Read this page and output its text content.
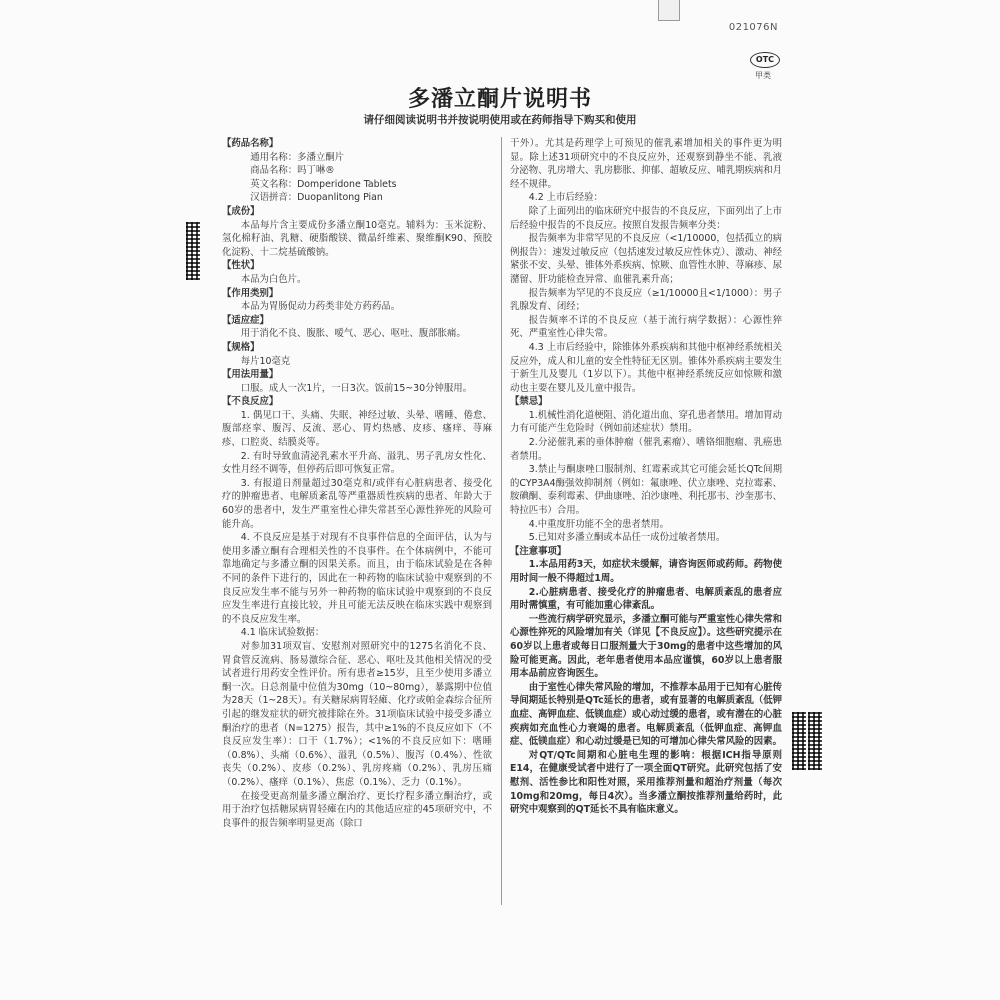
021076N
OTC
甲类
多潘立酮片说明书
请仔细阅读说明书并按说明使用或在药师指导下购买和使用

【药品名称】

通用名称：多潘立酮片

商品名称：吗丁啉®

英文名称：Domperidone Tablets

汉语拼音：Duopanlitong Pian

【成份】

本品每片含主要成份多潘立酮10毫克。辅料为：玉米淀粉、氢化棉籽油、乳糖、硬脂酸镁、微晶纤维素、聚维酮K90、预胶化淀粉、十二烷基硫酸钠。

【性状】

本品为白色片。

【作用类别】

本品为胃肠促动力药类非处方药药品。

【适应症】

用于消化不良、腹胀、嗳气、恶心、呕吐、腹部胀痛。

【规格】

每片10毫克

【用法用量】

口服。成人一次1片，一日3次。饭前15~30分钟服用。

【不良反应】

1. 偶见口干、头痛、失眠、神经过敏、头晕、嗜睡、倦怠、腹部痉挛、腹泻、反流、恶心、胃灼热感、皮疹、瘙痒、荨麻疹、口腔炎、结膜炎等。

2. 有时导致血清泌乳素水平升高、溢乳、男子乳房女性化、女性月经不调等，但停药后即可恢复正常。

3. 有报道日剂量超过30毫克和/或伴有心脏病患者、接受化疗的肿瘤患者、电解质紊乱等严重器质性疾病的患者、年龄大于60岁的患者中，发生严重室性心律失常甚至心源性猝死的风险可能升高。

4. 不良反应是基于对现有不良事件信息的全面评估，认为与使用多潘立酮有合理相关性的不良事件。在个体病例中，不能可靠地确定与多潘立酮的因果关系。而且，由于临床试验是在各种不同的条件下进行的，因此在一种药物的临床试验中观察到的不良反应发生率不能与另外一种药物的临床试验中观察到的不良反应发生率进行直接比较，并且可能无法反映在临床实践中观察到的不良反应发生率。

4.1 临床试验数据：

对参加31项双盲、安慰剂对照研究中的1275名消化不良、胃食管反流病、肠易激综合征、恶心、呕吐及其他相关情况的受试者进行用药安全性评价。所有患者≥15岁，且至少使用多潘立酮一次。日总剂量中位值为30mg（10~80mg），暴露期中位值为28天（1~28天）。有关糖尿病胃轻瘫、化疗或帕金森综合征所引起的继发症状的研究被排除在外。31项临床试验中接受多潘立酮治疗的患者（N=1275）报告，其中≥1%的不良反应如下（不良反应发生率）：口干（1.7%）；<1%的不良反应如下：嗜睡（0.8%）、头痛（0.6%）、溢乳（0.5%）、腹泻（0.4%）、性欲丧失（0.2%）、皮疹（0.2%）、乳房疼痛（0.2%）、乳房压痛（0.2%）、瘙痒（0.1%）、焦虑（0.1%）、乏力（0.1%）。

在接受更高剂量多潘立酮治疗、更长疗程多潘立酮治疗，或用于治疗包括糖尿病胃轻瘫在内的其他适应症的45项研究中，不良事件的报告频率明显更高（除口

干外）。尤其是药理学上可预见的催乳素增加相关的事件更为明显。除上述31项研究中的不良反应外，还观察到静坐不能、乳液分泌物、乳房增大、乳房膨胀、抑郁、超敏反应、哺乳期疾病和月经不规律。

4.2 上市后经验：

除了上面列出的临床研究中报告的不良反应，下面列出了上市后经验中报告的不良反应。按照自发报告频率分类：

报告频率为非常罕见的不良反应（<1/10000，包括孤立的病例报告）：速发过敏反应（包括速发过敏反应性休克）、激动、神经紧张不安、头晕、锥体外系疾病、惊厥、血管性水肿、荨麻疹、尿潴留、肝功能检查异常、血催乳素升高；

报告频率为罕见的不良反应（≥1/10000且<1/1000）：男子乳腺发育、闭经；

报告频率不详的不良反应（基于流行病学数据）：心源性猝死、严重室性心律失常。

4.3 上市后经验中，除锥体外系疾病和其他中枢神经系统相关反应外，成人和儿童的安全性特征无区别。锥体外系疾病主要发生于新生儿及婴儿（1岁以下）。其他中枢神经系统反应如惊厥和激动也主要在婴儿及儿童中报告。

【禁忌】

1.机械性消化道梗阻、消化道出血、穿孔患者禁用。增加胃动力有可能产生危险时（例如前述症状）禁用。

2.分泌催乳素的垂体肿瘤（催乳素瘤）、嗜铬细胞瘤、乳癌患者禁用。

3.禁止与酮康唑口服制剂、红霉素或其它可能会延长QTc间期的CYP3A4酶强效抑制剂（例如：氟康唑、伏立康唑、克拉霉素、胺碘酮、泰利霉素、伊曲康唑、泊沙康唑、利托那韦、沙奎那韦、特拉匹韦）合用。

4.中重度肝功能不全的患者禁用。

5.已知对多潘立酮或本品任一成份过敏者禁用。

【注意事项】

1.本品用药3天，如症状未缓解，请咨询医师或药师。药物使用时间一般不得超过1周。

2.心脏病患者、接受化疗的肿瘤患者、电解质紊乱的患者应用时需慎重，有可能加重心律紊乱。

一些流行病学研究显示，多潘立酮可能与严重室性心律失常和心源性猝死的风险增加有关（详见【不良反应】）。这些研究提示在60岁以上患者或每日口服剂量大于30mg的患者中这些增加的风险可能更高。因此，老年患者使用本品应谨慎，60岁以上患者服用本品前应咨询医生。

由于室性心律失常风险的增加，不推荐本品用于已知有心脏传导间期延长特别是QTc延长的患者，或有显著的电解质紊乱（低钾血症、高钾血症、低镁血症）或心动过缓的患者，或有潜在的心脏疾病如充血性心力衰竭的患者。电解质紊乱（低钾血症、高钾血症、低镁血症）和心动过缓是已知的可增加心律失常风险的因素。

对QT/QTc间期和心脏电生理的影响：根据ICH指导原则E14，在健康受试者中进行了一项全面QT研究。此研究包括了安慰剂、活性参比和阳性对照，采用推荐剂量和超治疗剂量（每次10mg和20mg，每日4次）。当多潘立酮按推荐剂量给药时，此研究中观察到的QT延长不具有临床意义。
